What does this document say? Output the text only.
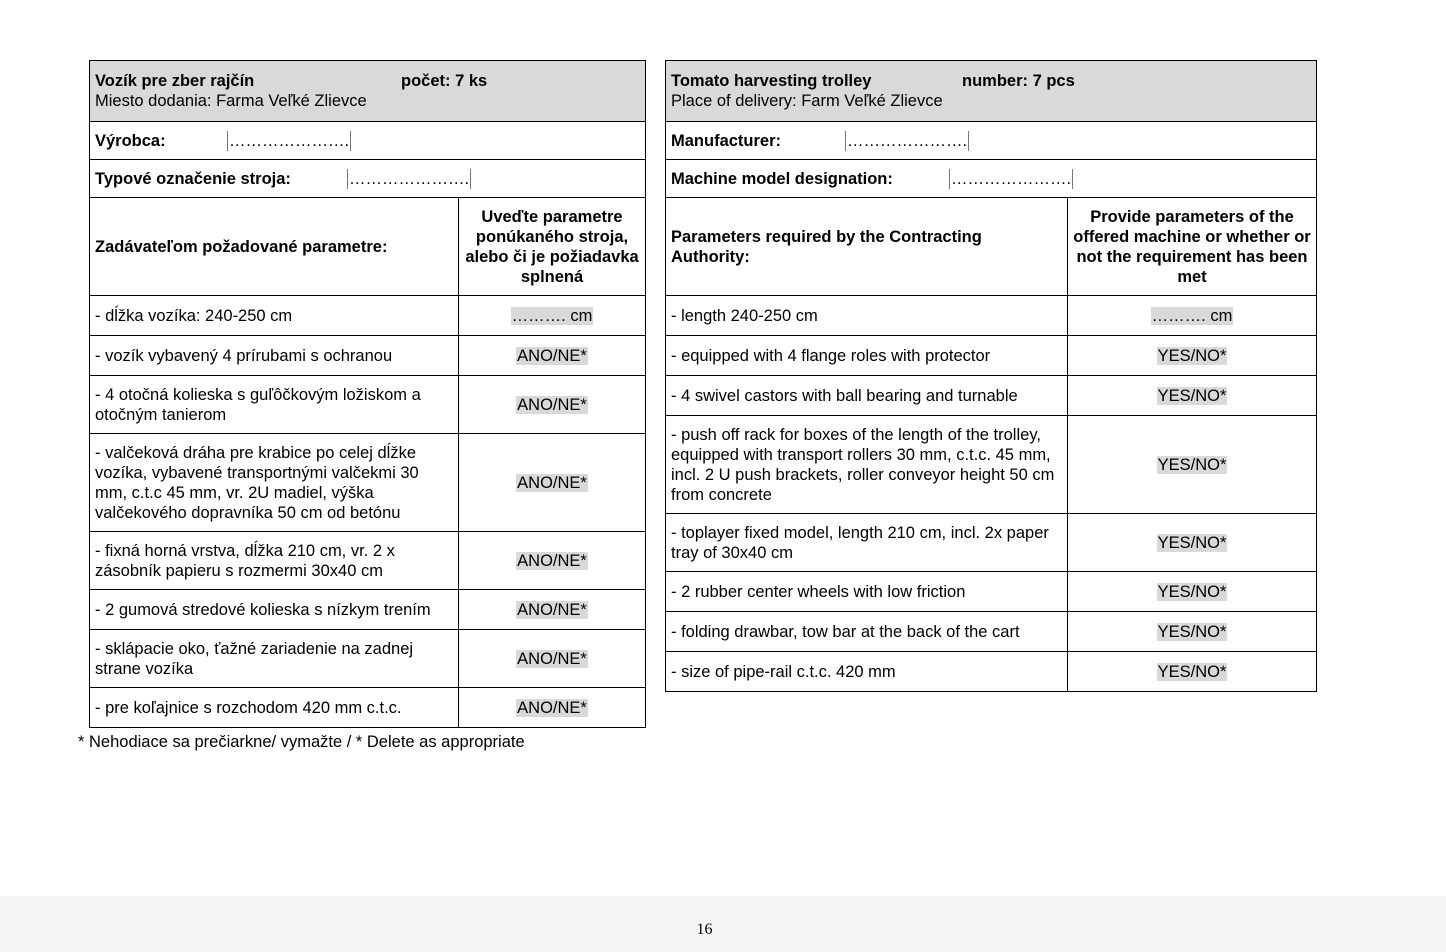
Vozík pre zber rajčín počet: 7 ks
Miesto dodania: Farma Veľké Zlievce	

Výrobca: ………………….	
Typové označenie stroja: ………………….	
Zadávateľom požadované parametre:	Uveďte parametre ponúkaného stroja, alebo či je požiadavka splnená
- dĺžka vozíka: 240-250 cm	………. cm
- vozík vybavený 4 prírubami s ochranou	ANO/NE*
- 4 otočná kolieska s guľôčkovým ložiskom a otočným tanierom	ANO/NE*
- valčeková dráha pre krabice po celej dĺžke vozíka, vybavené transportnými valčekmi 30 mm, c.t.c 45 mm, vr. 2U madiel, výška valčekového dopravníka 50 cm od betónu	ANO/NE*
- fixná horná vrstva, dĺžka 210 cm, vr. 2 x zásobník papieru s rozmermi 30x40 cm	ANO/NE*
- 2 gumová stredové kolieska s nízkym trením	ANO/NE*
- sklápacie oko, ťažné zariadenie na zadnej strane vozíka	ANO/NE*
- pre koľajnice s rozchodom 420 mm c.t.c.	ANO/NE*
Tomato harvesting trolley number: 7 pcs
Place of delivery: Farm Veľké Zlievce	

Manufacturer: ………………….	
Machine model designation: ………………….	
Parameters required by the Contracting Authority:	Provide parameters of the offered machine or whether or not the requirement has been met
- length 240-250 cm	………. cm
- equipped with 4 flange roles with protector	YES/NO*
- 4 swivel castors with ball bearing and turnable	YES/NO*
- push off rack for boxes of the length of the trolley, equipped with transport rollers 30 mm, c.t.c. 45 mm, incl. 2 U push brackets, roller conveyor height 50 cm from concrete	YES/NO*
- toplayer fixed model, length 210 cm, incl. 2x paper tray of 30x40 cm	YES/NO*
- 2 rubber center wheels with low friction	YES/NO*
- folding drawbar, tow bar at the back of the cart	YES/NO*
- size of pipe-rail c.t.c. 420 mm	YES/NO*
* Nehodiace sa prečiarkne/ vymažte / * Delete as appropriate
16
